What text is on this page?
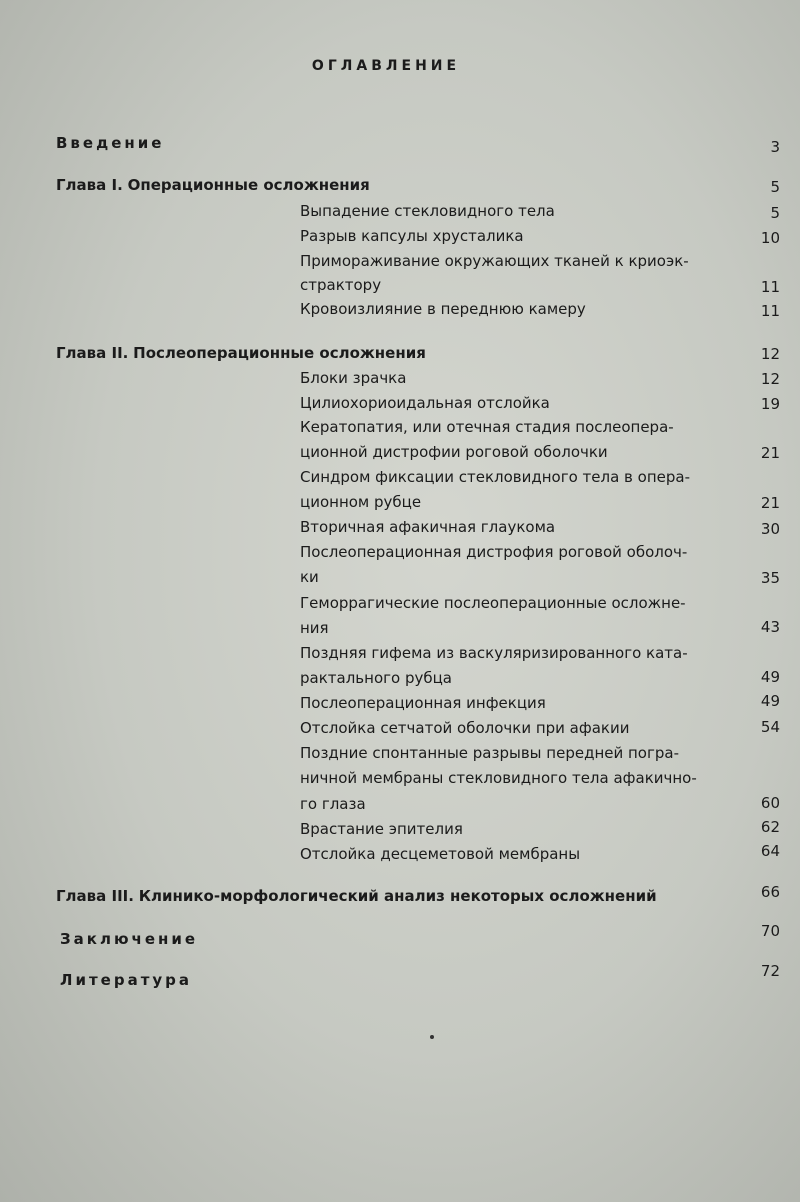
ОГЛАВЛЕНИЕ
Введение	3
Глава I. Операционные осложнения	5
Выпадение стекловидного тела	5
Разрыв капсулы хрусталика	10
Примораживание окружающих тканей к криоэк-
страктору	11
Кровоизлияние в переднюю камеру	11
Глава II. Послеоперационные осложнения	12
Блоки зрачка	12
Цилиохориоидальная отслойка	19
Кератопатия, или отечная стадия послеопера-
ционной дистрофии роговой оболочки	21
Синдром фиксации стекловидного тела в опера-
ционном рубце	21
Вторичная афакичная глаукома	30
Послеоперационная дистрофия роговой оболоч-
ки	35
Геморрагические послеоперационные осложне-
ния	43
Поздняя гифема из васкуляризированного ката-
рактального рубца	49
Послеоперационная инфекция	49
Отслойка сетчатой оболочки при афакии	54
Поздние спонтанные разрывы передней погра-
ничной мембраны стекловидного тела афакично-
го глаза	60
Врастание эпителия	62
Отслойка десцеметовой мембраны	64
Глава III. Клинико-морфологический анализ некоторых осложнений	66
Заключение	70
Литература	72
